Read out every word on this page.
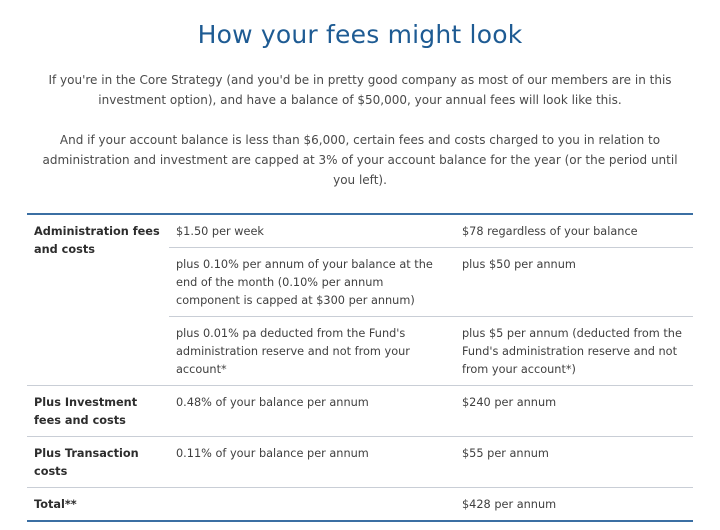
How your fees might look
If you're in the Core Strategy (and you'd be in pretty good company as most of our members are in this investment option), and have a balance of $50,000, your annual fees will look like this.
And if your account balance is less than $6,000, certain fees and costs charged to you in relation to administration and investment are capped at 3% of your account balance for the year (or the period until you left).
Administration fees and costs	$1.50 per week	$78 regardless of your balance
	plus 0.10% per annum of your balance at the end of the month (0.10% per annum component is capped at $300 per annum)	plus $50 per annum
	plus 0.01% pa deducted from the Fund's administration reserve and not from your account*	plus $5 per annum (deducted from the Fund's administration reserve and not from your account*)
Plus Investment fees and costs	0.48% of your balance per annum	$240 per annum
Plus Transaction costs	0.11% of your balance per annum	$55 per annum
Total**		$428 per annum
